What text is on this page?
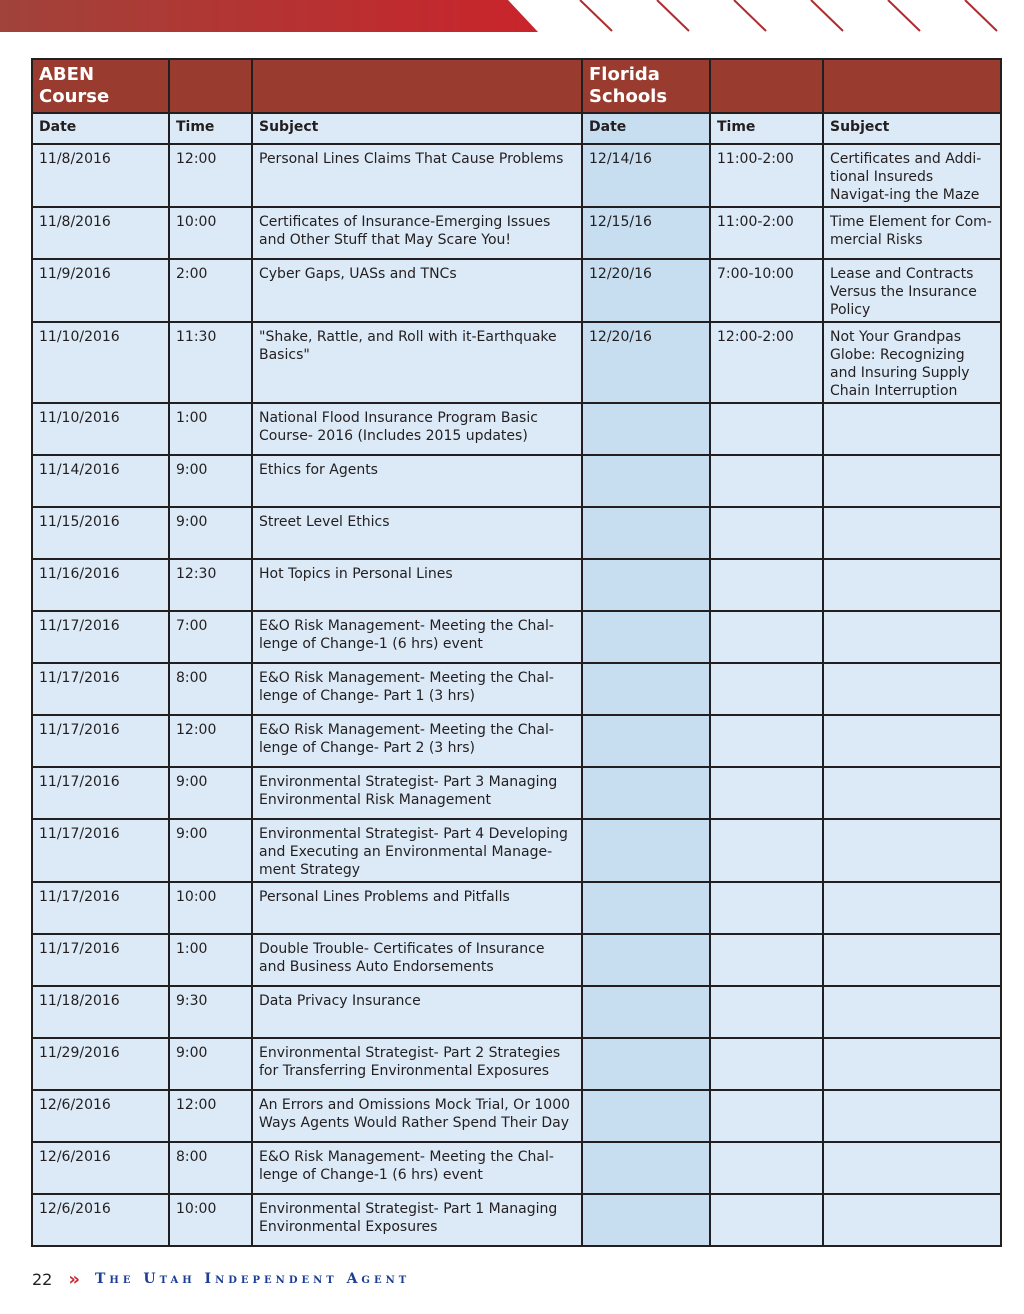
ABEN Course			Florida Schools		
Date	Time	Subject	Date	Time	Subject
11/8/2016	12:00	Personal Lines Claims That Cause Problems	12/14/16	11:00-2:00	Certificates and Addi-tional Insureds Navigat-ing the Maze
11/8/2016	10:00	Certificates of Insurance-Emerging Issues and Other Stuff that May Scare You!	12/15/16	11:00-2:00	Time Element for Com-mercial Risks
11/9/2016	2:00	Cyber Gaps, UASs and TNCs	12/20/16	7:00-10:00	Lease and Contracts Versus the Insurance Policy
11/10/2016	11:30	"Shake, Rattle, and Roll with it-Earthquake Basics"	12/20/16	12:00-2:00	Not Your Grandpas Globe: Recognizing and Insuring Supply Chain Interruption
11/10/2016	1:00	National Flood Insurance Program Basic Course- 2016 (Includes 2015 updates)			
11/14/2016	9:00	Ethics for Agents			
11/15/2016	9:00	Street Level Ethics			
11/16/2016	12:30	Hot Topics in Personal Lines			
11/17/2016	7:00	E&O Risk Management- Meeting the Chal-lenge of Change-1 (6 hrs) event			
11/17/2016	8:00	E&O Risk Management- Meeting the Chal-lenge of Change- Part 1 (3 hrs)			
11/17/2016	12:00	E&O Risk Management- Meeting the Chal-lenge of Change- Part 2 (3 hrs)			
11/17/2016	9:00	Environmental Strategist- Part 3 Managing Environmental Risk Management			
11/17/2016	9:00	Environmental Strategist- Part 4 Developing and Executing an Environmental Manage-ment Strategy			
11/17/2016	10:00	Personal Lines Problems and Pitfalls			
11/17/2016	1:00	Double Trouble- Certificates of Insurance and Business Auto Endorsements			
11/18/2016	9:30	Data Privacy Insurance			
11/29/2016	9:00	Environmental Strategist- Part 2 Strategies for Transferring Environmental Exposures			
12/6/2016	12:00	An Errors and Omissions Mock Trial, Or 1000 Ways Agents Would Rather Spend Their Day			
12/6/2016	8:00	E&O Risk Management- Meeting the Chal-lenge of Change-1 (6 hrs) event			
12/6/2016	10:00	Environmental Strategist- Part 1 Managing Environmental Exposures			
22 » The Utah Independent Agent
